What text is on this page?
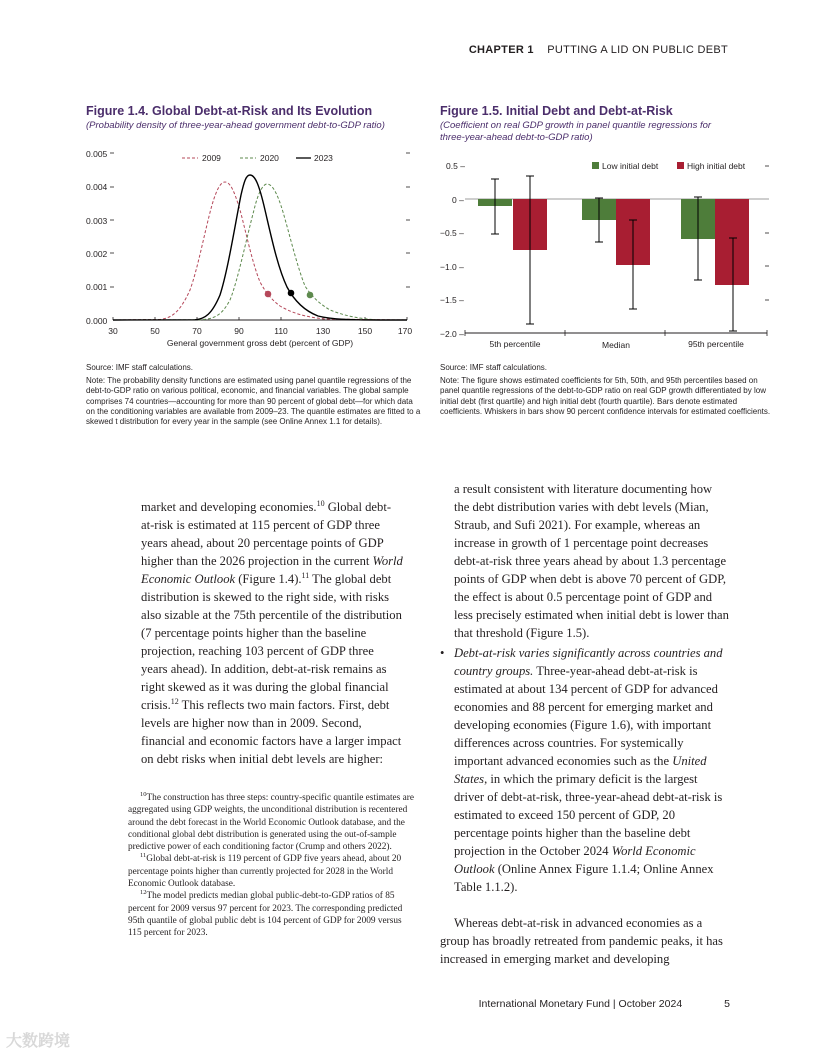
CHAPTER 1 PUTTING A LID ON PUBLIC DEBT
Figure 1.4. Global Debt-at-Risk and Its Evolution
(Probability density of three-year-ahead government debt-to-GDP ratio)
0.005
0.004
0.003
0.002
0.001
0.000
30	50	70	90	110	130	150	170
General government gross debt (percent of GDP)
2009	2020	2023

Source: IMF staff calculations.

Note: The probability density functions are estimated using panel quantile regressions of the debt-to-GDP ratio on various political, economic, and financial variables. The global sample comprises 74 countries—accounting for more than 90 percent of global debt—for which data on the conditioning variables are available from 2009–23. The quantile estimates are fitted to a skewed t distribution for every year in the sample (see Online Annex 1.1 for details).

Figure 1.5. Initial Debt and Debt-at-Risk
(Coefficient on real GDP growth in panel quantile regressions for
three-year-ahead debt-to-GDP ratio)
0.5 –
0 –
−0.5 –
−1.0 –
−1.5 –
−2.0 –
5th percentile	Median	95th percentile
Low initial debt	High initial debt

Source: IMF staff calculations.

Note: The figure shows estimated coefficients for 5th, 50th, and 95th percentiles based on panel quantile regressions of the debt-to-GDP ratio on real GDP growth differentiated by low initial debt (first quartile) and high initial debt (fourth quartile). Bars denote estimated coefficients. Whiskers in bars show 90 percent confidence intervals for estimated coefficients.

market and developing economies.$^{10}$ Global debt-at-risk is estimated at 115 percent of GDP three years ahead, about 20 percentage points of GDP higher than the 2026 projection in the current World Economic Outlook (Figure 1.4).$^{11}$ The global debt distribution is skewed to the right side, with risks also sizable at the 75th percentile of the distribution (7 percentage points higher than the baseline projection, reaching 103 percent of GDP three years ahead). In addition, debt-at-risk remains as right skewed as it was during the global financial crisis.$^{12}$ This reflects two main factors. First, debt levels are higher now than in 2009. Second, financial and economic factors have a larger impact on debt risks when initial debt levels are higher:

$^{10}$The construction has three steps: country-specific quantile estimates are aggregated using GDP weights, the unconditional distribution is recentered around the debt forecast in the World Economic Outlook database, and the conditional global debt distribution is generated using the out-of-sample predictive power of each conditioning factor (Crump and others 2022).

$^{11}$Global debt-at-risk is 119 percent of GDP five years ahead, about 20 percentage points higher than currently projected for 2028 in the World Economic Outlook database.

$^{12}$The model predicts median global public-debt-to-GDP ratios of 85 percent for 2009 versus 97 percent for 2023. The corresponding predicted 95th quantile of global public debt is 104 percent of GDP for 2009 versus 115 percent for 2023.

a result consistent with literature documenting how the debt distribution varies with debt levels (Mian, Straub, and Sufi 2021). For example, whereas an increase in growth of 1 percentage point decreases debt-at-risk three years ahead by about 1.3 percentage points of GDP when debt is above 70 percent of GDP, the effect is about 0.5 percentage point of GDP and less precisely estimated when initial debt is lower than that threshold (Figure 1.5).

• Debt-at-risk varies significantly across countries and country groups. Three-year-ahead debt-at-risk is estimated at about 134 percent of GDP for advanced economies and 88 percent for emerging market and developing economies (Figure 1.6), with important differences across countries. For systemically important advanced economies such as the United States, in which the primary deficit is the largest driver of debt-at-risk, three-year-ahead debt-at-risk is estimated to exceed 150 percent of GDP, 20 percentage points higher than the baseline debt projection in the October 2024 World Economic Outlook (Online Annex Figure 1.1.4; Online Annex Table 1.1.2).

Whereas debt-at-risk in advanced economies as a group has broadly retreated from pandemic peaks, it has increased in emerging market and developing

International Monetary Fund | October 2024	5
大数跨境
